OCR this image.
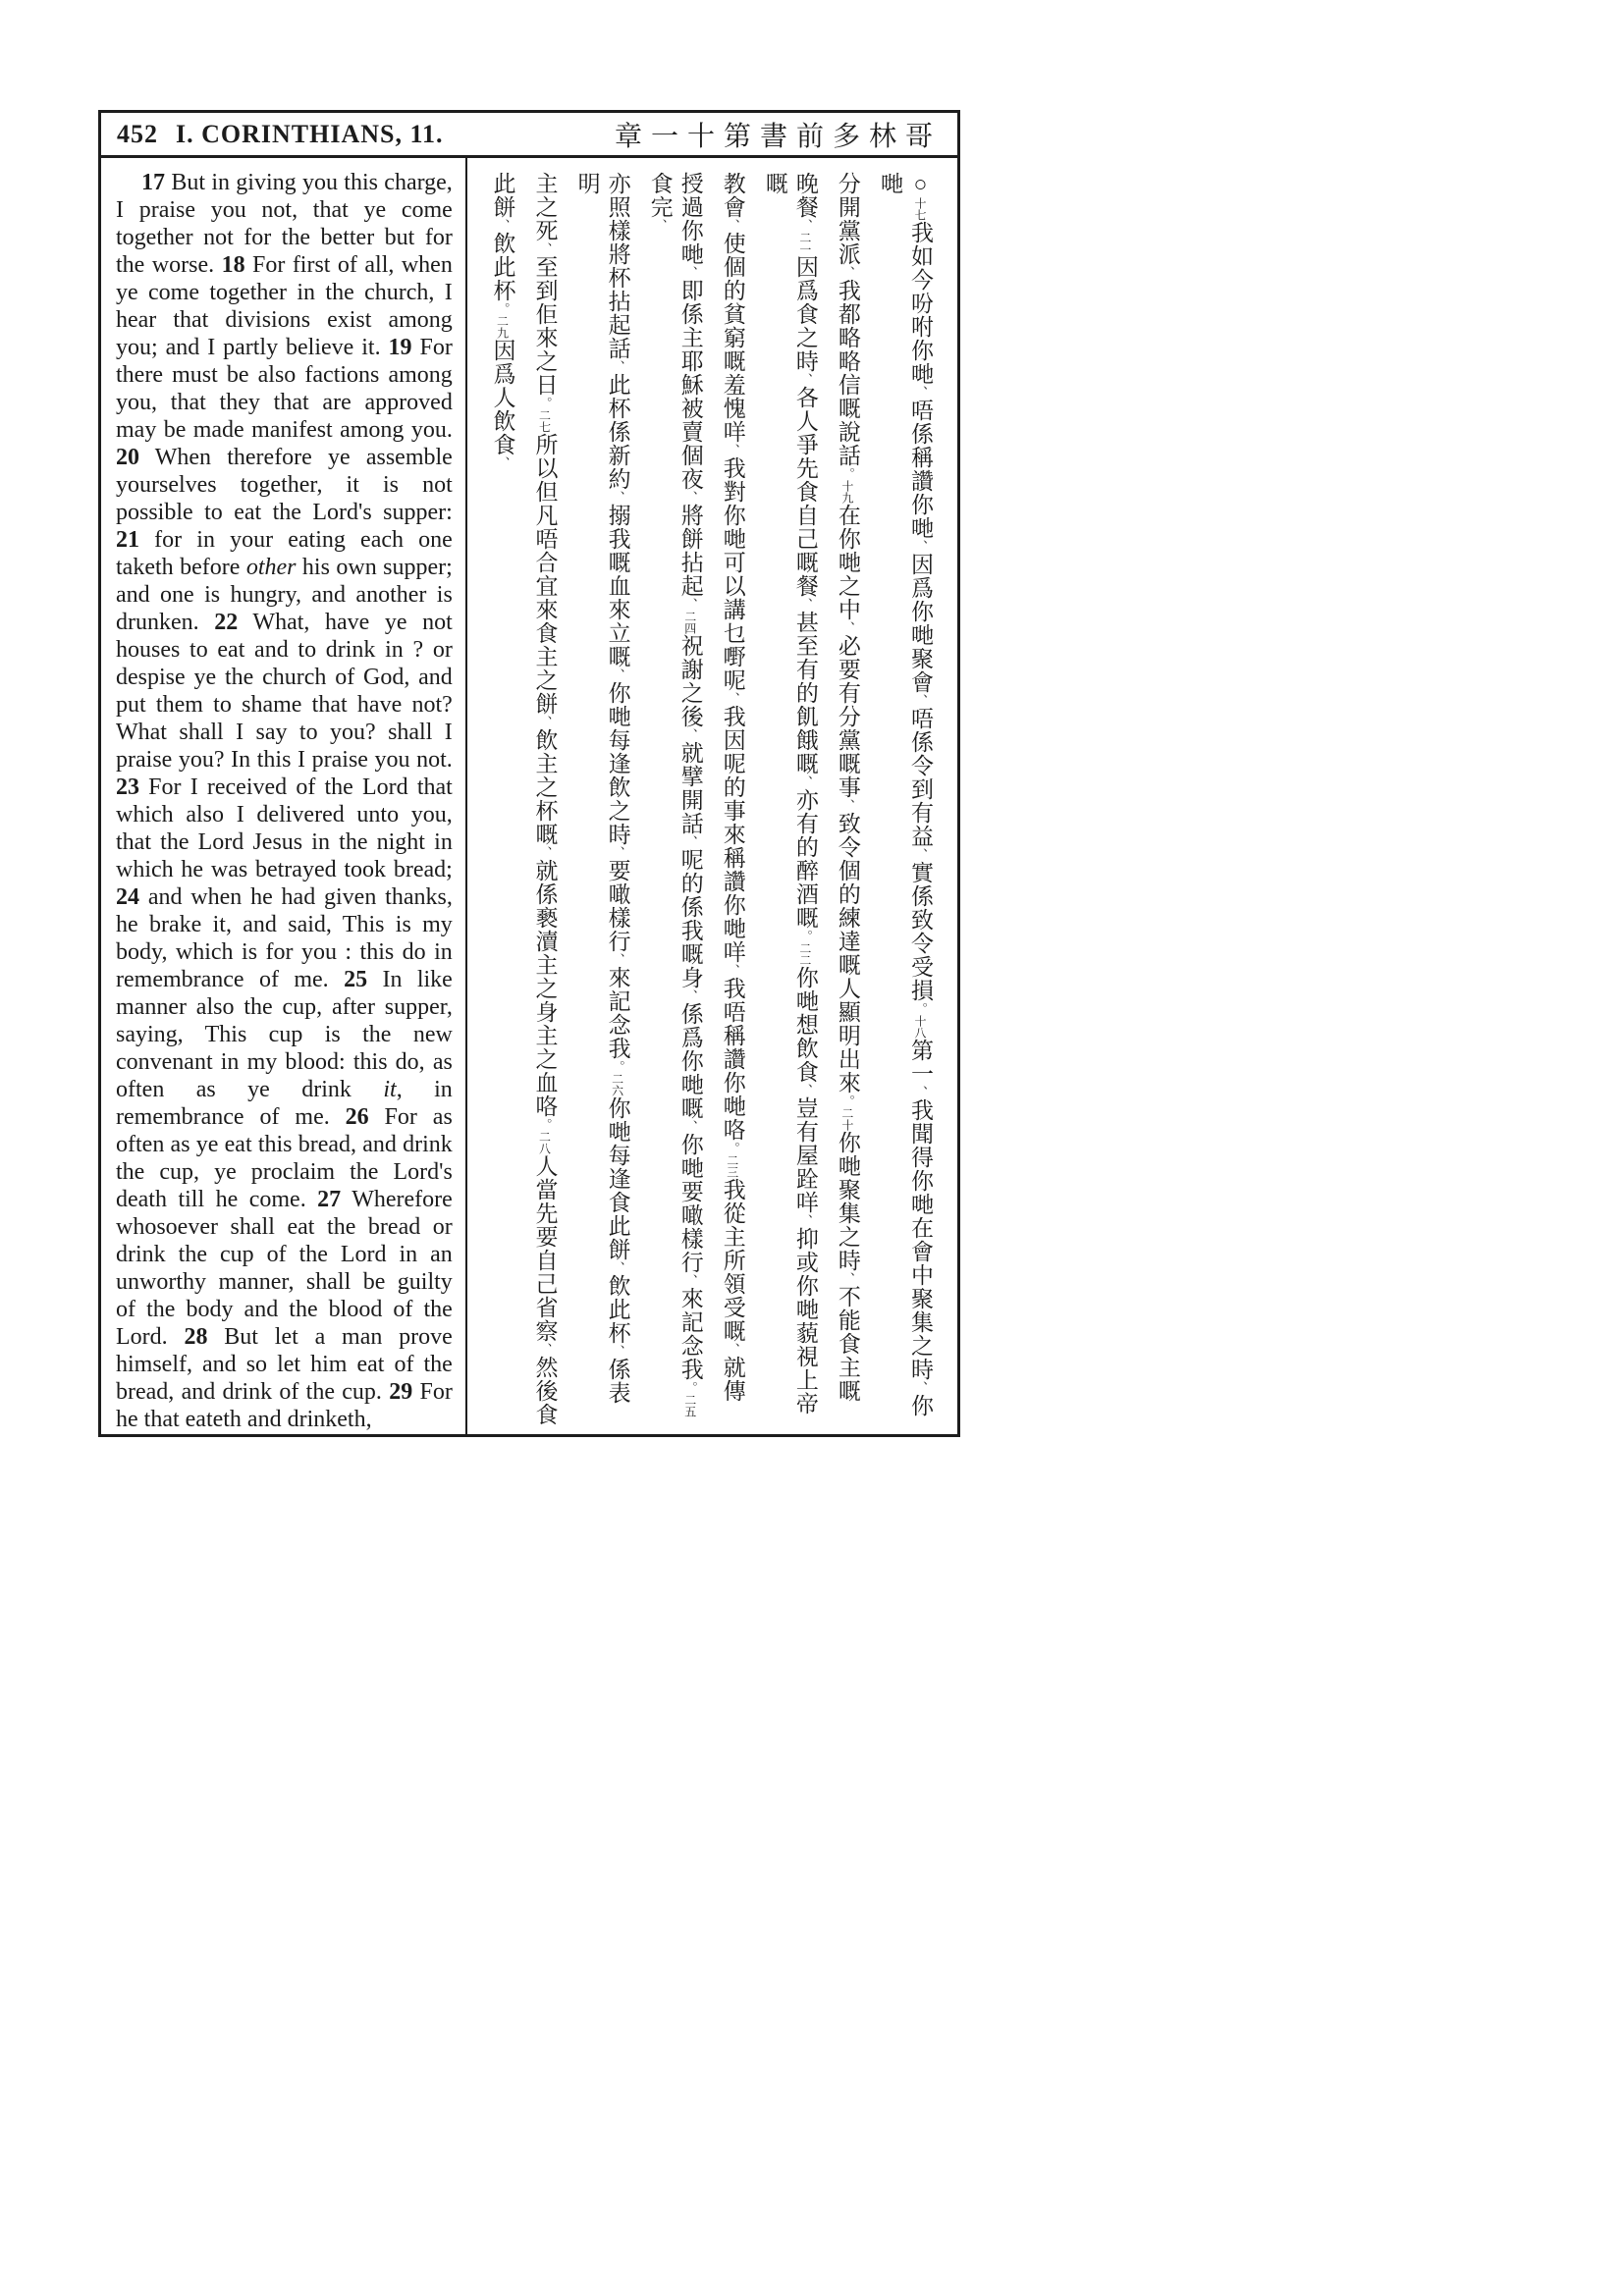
452 I. CORINTHIANS, 11.	章一十第書前多林哥
17 But in giving you this charge, I praise you not, that ye come together not for the better but for the worse. 18 For first of all, when ye come together in the church, I hear that divisions exist among you; and I partly believe it. 19 For there must be also factions among you, that they that are approved may be made manifest among you. 20 When therefore ye assemble yourselves together, it is not possible to eat the Lord's supper: 21 for in your eating each one taketh before other his own supper; and one is hungry, and another is drunken. 22 What, have ye not houses to eat and to drink in ? or despise ye the church of God, and put them to shame that have not? What shall I say to you? shall I praise you? In this I praise you not. 23 For I received of the Lord that which also I delivered unto you, that the Lord Jesus in the night in which he was betrayed took bread; 24 and when he had given thanks, he brake it, and said, This is my body, which is for you : this do in remembrance of me. 25 In like manner also the cup, after supper, saying, This cup is the new convenant in my blood: this do, as often as ye drink it, in remembrance of me. 26 For as often as ye eat this bread, and drink the cup, ye proclaim the Lord's death till he come. 27 Wherefore whosoever shall eat the bread or drink the cup of the Lord in an unworthy manner, shall be guilty of the body and the blood of the Lord. 28 But let a man prove himself, and so let him eat of the bread, and drink of the cup. 29 For he that eateth and drinketh,
○十七我如今吩咐你哋、唔係稱讚你哋、因爲你哋聚會、唔係令到有益、實係致令受損。十八第一、我聞得你哋在會中聚集之時、你哋
分開黨派、我都略略信嘅說話。十九在你哋之中、必要有分黨嘅事、致令個的練達嘅人顯明出來。二十你哋聚集之時、不能食主嘅
晚餐、二一因爲食之時、各人爭先食自己嘅餐、甚至有的飢餓嘅、亦有的醉酒嘅。二二你哋想飲食、豈有屋跧咩、抑或你哋藐視上帝嘅
教會、使個的貧窮嘅羞愧咩、我對你哋可以講乜嘢呢、我因呢的事來稱讚你哋咩、我唔稱讚你哋咯。二三我從主所領受嘅、就傳
授過你哋、即係主耶穌被賣個夜、將餅拈起、二四祝謝之後、就擘開話、呢的係我嘅身、係爲你哋嘅、你哋要噉樣行、來記念我。二五食完、
亦照樣將杯拈起話、此杯係新約、搦我嘅血來立嘅、你哋每逢飲之時、要噉樣行、來記念我。二六你哋每逢食此餅、飲此杯、係表明
主之死、至到佢來之日。二七所以但凡唔合宜來食主之餅、飲主之杯嘅、就係褻瀆主之身主之血咯。二八人當先要自己省察、然後食
此餅、飲此杯。二九因爲人飲食、
